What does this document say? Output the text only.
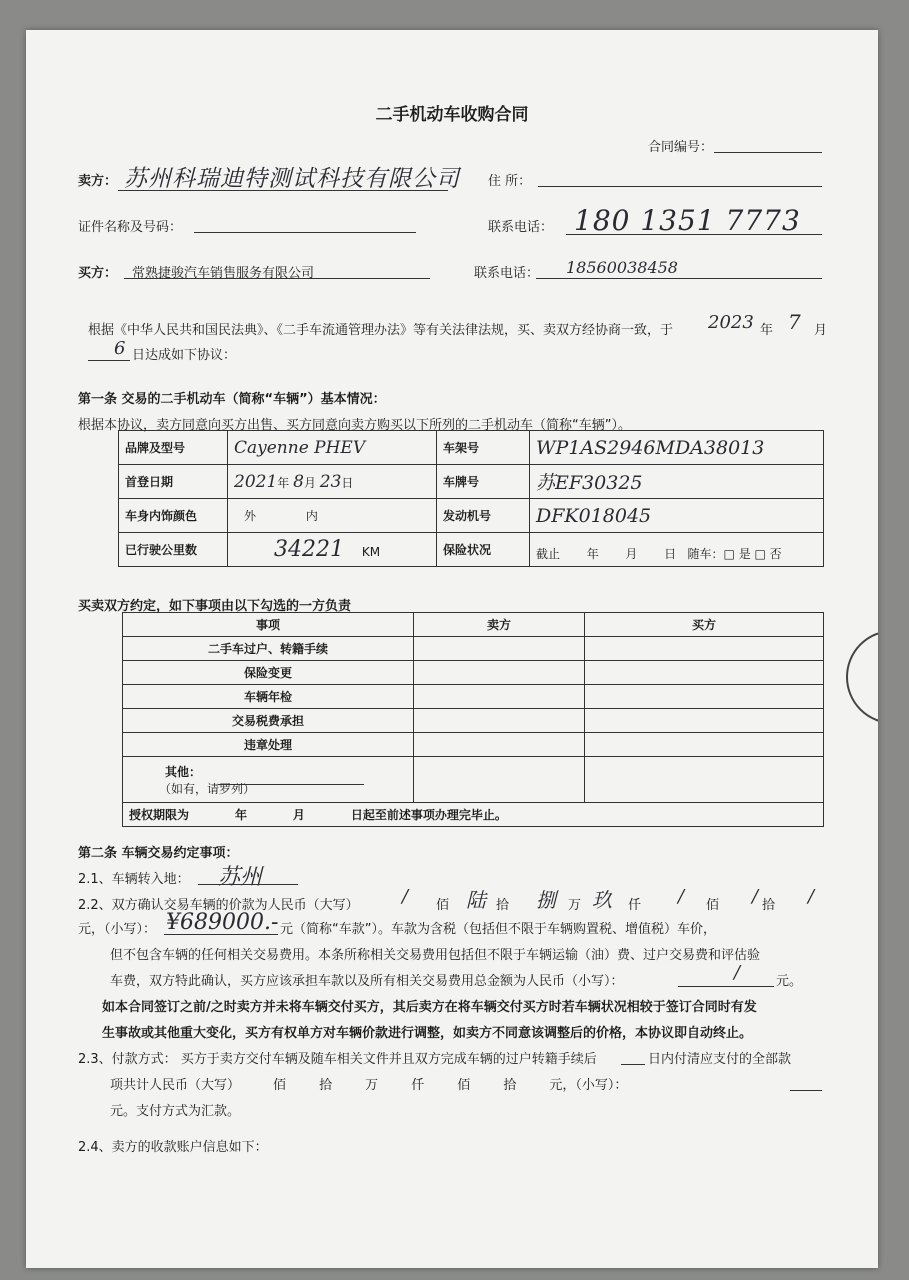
二手机动车收购合同
合同编号：
卖方： 苏州科瑞迪特测试科技有限公司 住 所：
证件名称及号码：	联系电话： 180 1351 7773
买方： 常熟捷骏汽车销售服务有限公司	联系电话： 18560038458
根据《中华人民共和国民法典》、《二手车流通管理办法》等有关法律法规，买、卖双方经协商一致，于 2023 年 7 月
6 日达成如下协议：
第一条 交易的二手机动车（简称“车辆”）基本情况：
根据本协议，卖方同意向买方出售、买方同意向卖方购买以下所列的二手机动车（简称“车辆”）。
品牌及型号	Cayenne PHEV	车架号	WP1AS2946MDA38013
首登日期	2021年 8月 23日	车牌号	苏EF30325
车身内饰颜色	外 内	发动机号	DFK018045
已行驶公里数	34221 KM	保险状况	截止       年       月       日   随车：□ 是 □ 否
买卖双方约定，如下事项由以下勾选的一方负责
事项	卖方	买方
二手车过户、转籍手续		
保险变更		
车辆年检		
交易税费承担		
违章处理		

其他：
（如有，请罗列）		

授权期限为           年           月           日起至前述事项办理完毕止。		
第二条 车辆交易约定事项：
2.1、车辆转入地： 苏州
2.2、双方确认交易车辆的价款为人民币（大写） / 佰 陆 拾 捌 万 玖 仟 / 佰 / 拾 /
元，（小写）： ¥689000.- 元（简称“车款”）。车款为含税（包括但不限于车辆购置税、增值税）车价，
但不包含车辆的任何相关交易费用。本条所称相关交易费用包括但不限于车辆运输（油）费、过户交易费和评估验
车费，双方特此确认，买方应该承担车款以及所有相关交易费用总金额为人民币（小写）：	/	元。
如本合同签订之前/之时卖方并未将车辆交付买方，其后卖方在将车辆交付买方时若车辆状况相较于签订合同时有发
生事故或其他重大变化，买方有权单方对车辆价款进行调整，如卖方不同意该调整后的价格，本协议即自动终止。
2.3、付款方式： 买方于卖方交付车辆及随车相关文件并且双方完成车辆的过户转籍手续后	日内付清应支付的全部款
项共计人民币（大写）        佰        拾        万        仟        佰        拾        元，（小写）：
元。支付方式为汇款。
2.4、卖方的收款账户信息如下：
